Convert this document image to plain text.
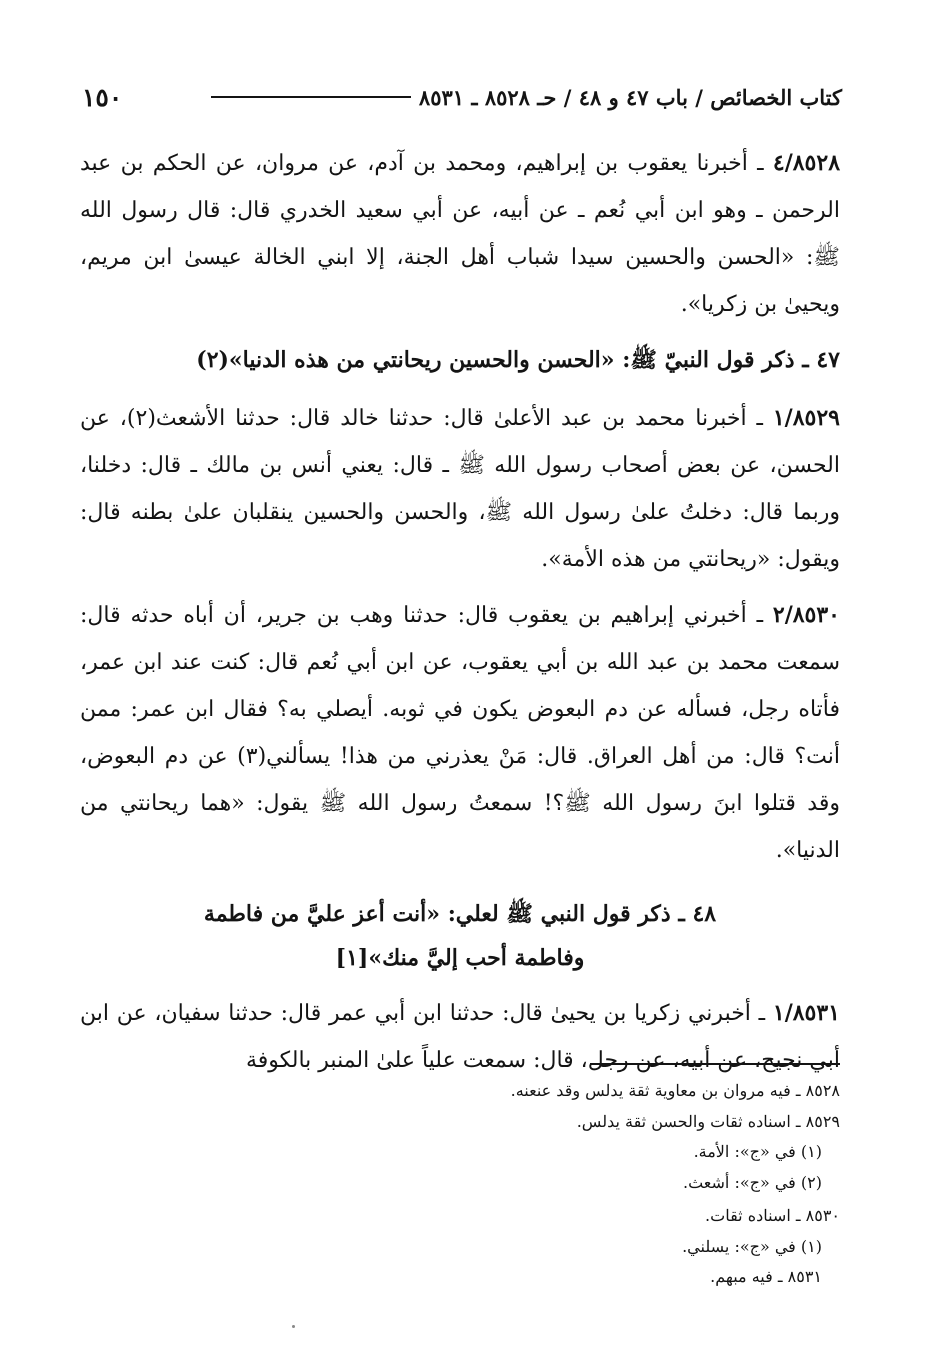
١٥٠	كتاب الخصائص / باب ٤٧ و ٤٨ / حـ ٨٥٢٨ ـ ٨٥٣١

٤/٨٥٢٨ ـ أخبرنا يعقوب بن إبراهيم، ومحمد بن آدم، عن مروان، عن الحكم بن عبد الرحمن ـ وهو ابن أبي نُعم ـ عن أبيه، عن أبي سعيد الخدري قال: قال رسول الله ﷺ: «الحسن والحسين سيدا شباب أهل الجنة، إلا ابني الخالة عيسىٰ ابن مريم، ويحيىٰ بن زكريا».

٤٧ ـ ذكر قول النبيّ ﷺ: «الحسن والحسين ريحانتي من هذه الدنيا»(٢)

١/٨٥٢٩ ـ أخبرنا محمد بن عبد الأعلىٰ قال: حدثنا خالد قال: حدثنا الأشعث(٢)، عن الحسن، عن بعض أصحاب رسول الله ﷺ ـ قال: يعني أنس بن مالك ـ قال: دخلنا، وربما قال: دخلتُ علىٰ رسول الله ﷺ، والحسن والحسين ينقلبان علىٰ بطنه قال: ويقول: «ريحانتي من هذه الأمة».

٢/٨٥٣٠ ـ أخبرني إبراهيم بن يعقوب قال: حدثنا وهب بن جرير، أن أباه حدثه قال: سمعت محمد بن عبد الله بن أبي يعقوب، عن ابن أبي نُعم قال: كنت عند ابن عمر، فأتاه رجل، فسأله عن دم البعوض يكون في ثوبه. أيصلي به؟ فقال ابن عمر: ممن أنت؟ قال: من أهل العراق. قال: مَنْ يعذرني من هذا! يسألني(٣) عن دم البعوض، وقد قتلوا ابنَ رسول الله ﷺ؟! سمعتُ رسول الله ﷺ يقول: «هما ريحانتي من الدنيا».

٤٨ ـ ذكر قول النبي ﷺ لعلي: «أنت أعز عليَّ من فاطمة
وفاطمة أحب إليَّ منك»[١]

١/٨٥٣١ ـ أخبرني زكريا بن يحيىٰ قال: حدثنا ابن أبي عمر قال: حدثنا سفيان، عن ابن أبي نجيح، عن أبيه، عن رجل، قال: سمعت علياً علىٰ المنبر بالكوفة

٨٥٢٨ ـ فيه مروان بن معاوية ثقة يدلس وقد عنعنه.

٨٥٢٩ ـ اسناده ثقات والحسن ثقة يدلس.

(١) في «ج»: الأمة.

(٢) في «ج»: أشعث.

٨٥٣٠ ـ اسناده ثقات.

(١) في «ج»: يسلني.

٨٥٣١ ـ فيه مبهم.
